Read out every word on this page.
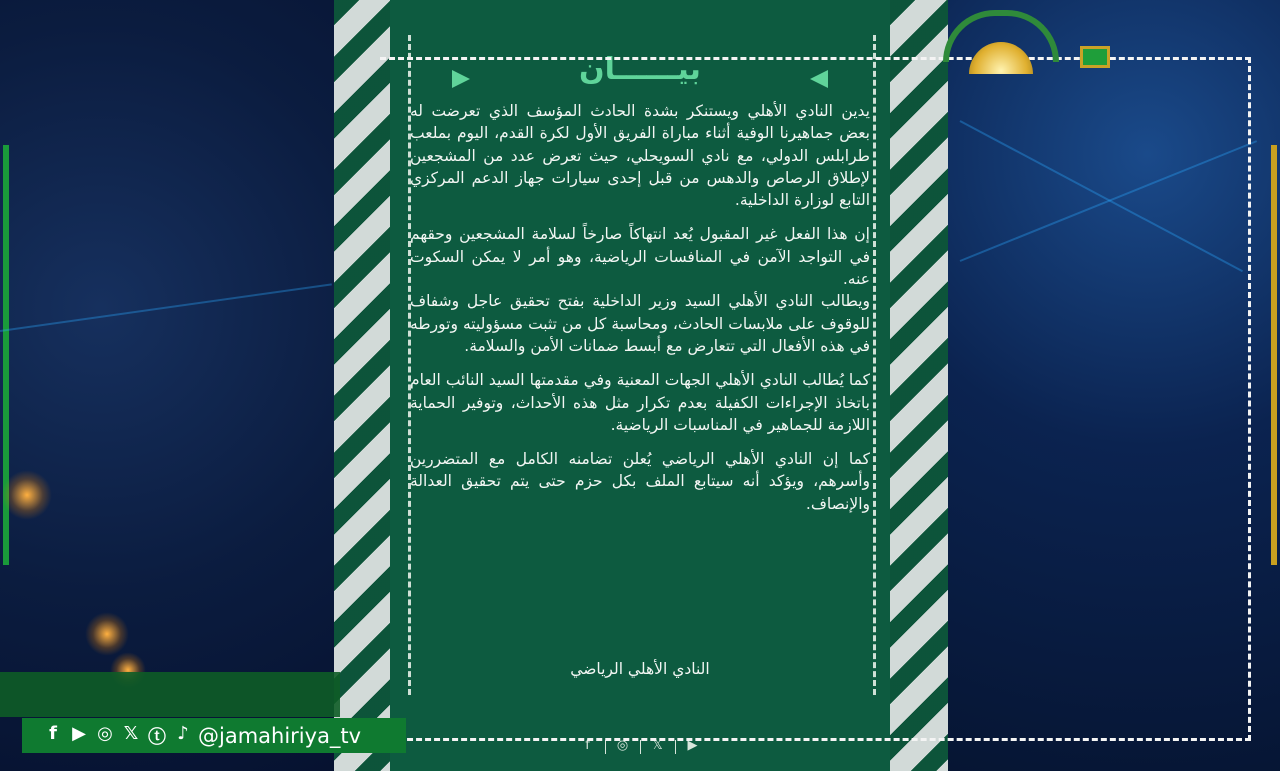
بيــــــان

يدين النادي الأهلي ويستنكر بشدة الحادث المؤسف الذي تعرضت له بعض جماهيرنا الوفية أثناء مباراة الفريق الأول لكرة القدم، اليوم بملعب طرابلس الدولي، مع نادي السويحلي، حيث تعرض عدد من المشجعين لإطلاق الرصاص والدهس من قبل إحدى سيارات جهاز الدعم المركزي التابع لوزارة الداخلية.

إن هذا الفعل غير المقبول يُعد انتهاكاً صارخاً لسلامة المشجعين وحقهم في التواجد الآمن في المنافسات الرياضية، وهو أمر لا يمكن السكوت عنه.
ويطالب النادي الأهلي السيد وزير الداخلية بفتح تحقيق عاجل وشفاف للوقوف على ملابسات الحادث، ومحاسبة كل من تثبت مسؤوليته وتورطه في هذه الأفعال التي تتعارض مع أبسط ضمانات الأمن والسلامة.

كما يُطالب النادي الأهلي الجهات المعنية وفي مقدمتها السيد النائب العام باتخاذ الإجراءات الكفيلة بعدم تكرار مثل هذه الأحداث، وتوفير الحماية اللازمة للجماهير في المناسبات الرياضية.

كما إن النادي الأهلي الرياضي يُعلن تضامنه الكامل مع المتضررين وأسرهم، ويؤكد أنه سيتابع الملف بكل حزم حتى يتم تحقيق العدالة والإنصاف.

النادي الأهلي الرياضي
f	◎ 𝕏	▶
f ▶ ◎ 𝕏 ⓣ ♪ @jamahiriya_tv
